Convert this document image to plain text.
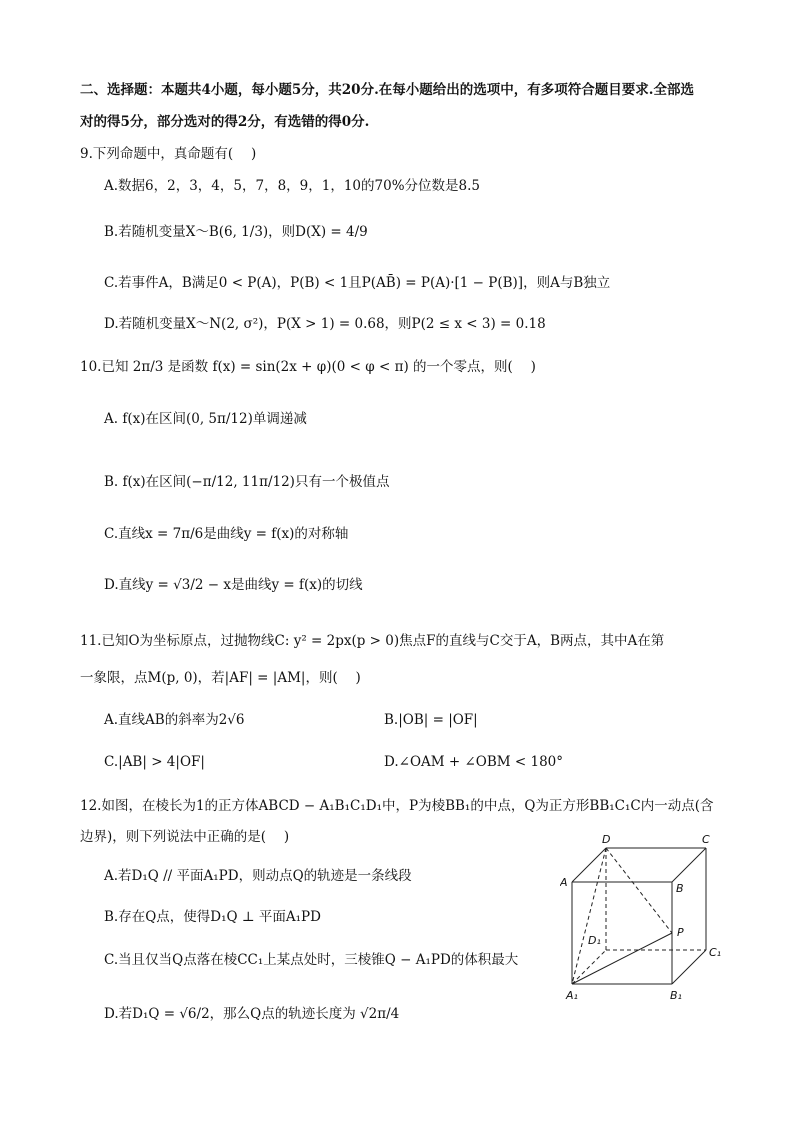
二、选择题：本题共4小题，每小题5分，共20分.在每小题给出的选项中，有多项符合题目要求.全部选
对的得5分，部分选对的得2分，有选错的得0分.
9.下列命题中，真命题有(　 )
A.数据6，2，3，4，5，7，8，9，1，10的70%分位数是8.5
B.若随机变量X～B(6, 1/3)，则D(X) = 4/9
C.若事件A，B满足0 < P(A)，P(B) < 1且P(AB̄) = P(A)·[1 − P(B)]，则A与B独立
D.若随机变量X～N(2, σ²)，P(X > 1) = 0.68，则P(2 ≤ x < 3) = 0.18
10.已知 2π/3 是函数 f(x) = sin(2x + φ)(0 < φ < π) 的一个零点，则(　 )
A. f(x)在区间(0, 5π/12)单调递减
B. f(x)在区间(−π/12, 11π/12)只有一个极值点
C.直线x = 7π/6是曲线y = f(x)的对称轴
D.直线y = √3/2 − x是曲线y = f(x)的切线
11.已知O为坐标原点，过抛物线C: y² = 2px(p > 0)焦点F的直线与C交于A，B两点，其中A在第
一象限，点M(p, 0)，若|AF| = |AM|，则(　 )
A.直线AB的斜率为2√6	B.|OB| = |OF|
C.|AB| > 4|OF|	D.∠OAM + ∠OBM < 180°
12.如图，在棱长为1的正方体ABCD − A₁B₁C₁D₁中，P为棱BB₁的中点，Q为正方形BB₁C₁C内一动点(含
边界)，则下列说法中正确的是(　 )
A.若D₁Q // 平面A₁PD，则动点Q的轨迹是一条线段
B.存在Q点，使得D₁Q ⊥ 平面A₁PD
C.当且仅当Q点落在棱CC₁上某点处时，三棱锥Q − A₁PD的体积最大
D.若D₁Q = √6/2，那么Q点的轨迹长度为 √2π/4
D	C
A	B
P
D₁
C₁
A₁	B₁
